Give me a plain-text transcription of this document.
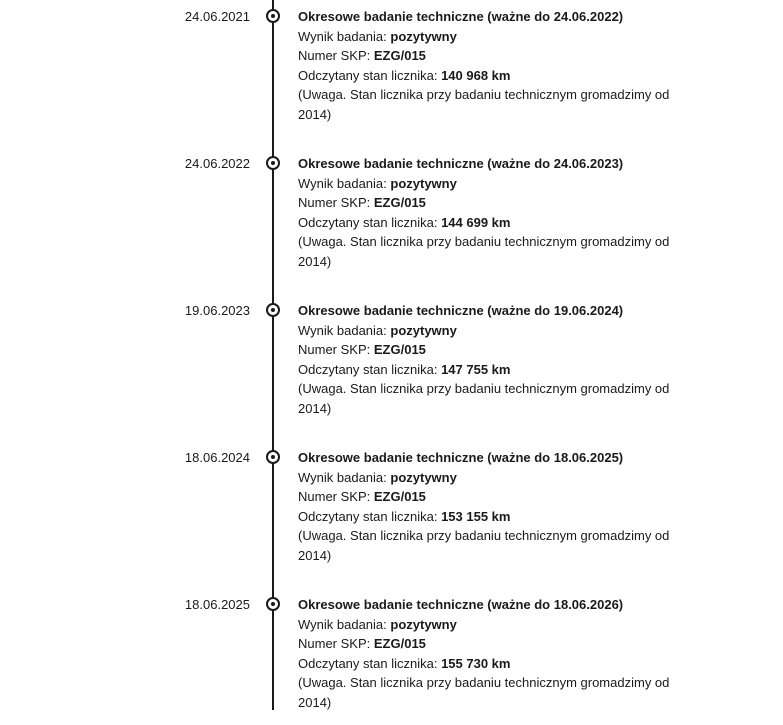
24.06.2021	Okresowe badanie techniczne (ważne do 24.06.2022)

Wynik badania: pozytywny

Numer SKP: EZG/015

Odczytany stan licznika: 140 968 km

(Uwaga. Stan licznika przy badaniu technicznym gromadzimy od 2014)

24.06.2022	Okresowe badanie techniczne (ważne do 24.06.2023)

Wynik badania: pozytywny

Numer SKP: EZG/015

Odczytany stan licznika: 144 699 km

(Uwaga. Stan licznika przy badaniu technicznym gromadzimy od 2014)

19.06.2023	Okresowe badanie techniczne (ważne do 19.06.2024)

Wynik badania: pozytywny

Numer SKP: EZG/015

Odczytany stan licznika: 147 755 km

(Uwaga. Stan licznika przy badaniu technicznym gromadzimy od 2014)

18.06.2024	Okresowe badanie techniczne (ważne do 18.06.2025)

Wynik badania: pozytywny

Numer SKP: EZG/015

Odczytany stan licznika: 153 155 km

(Uwaga. Stan licznika przy badaniu technicznym gromadzimy od 2014)

18.06.2025	Okresowe badanie techniczne (ważne do 18.06.2026)

Wynik badania: pozytywny

Numer SKP: EZG/015

Odczytany stan licznika: 155 730 km

(Uwaga. Stan licznika przy badaniu technicznym gromadzimy od 2014)
